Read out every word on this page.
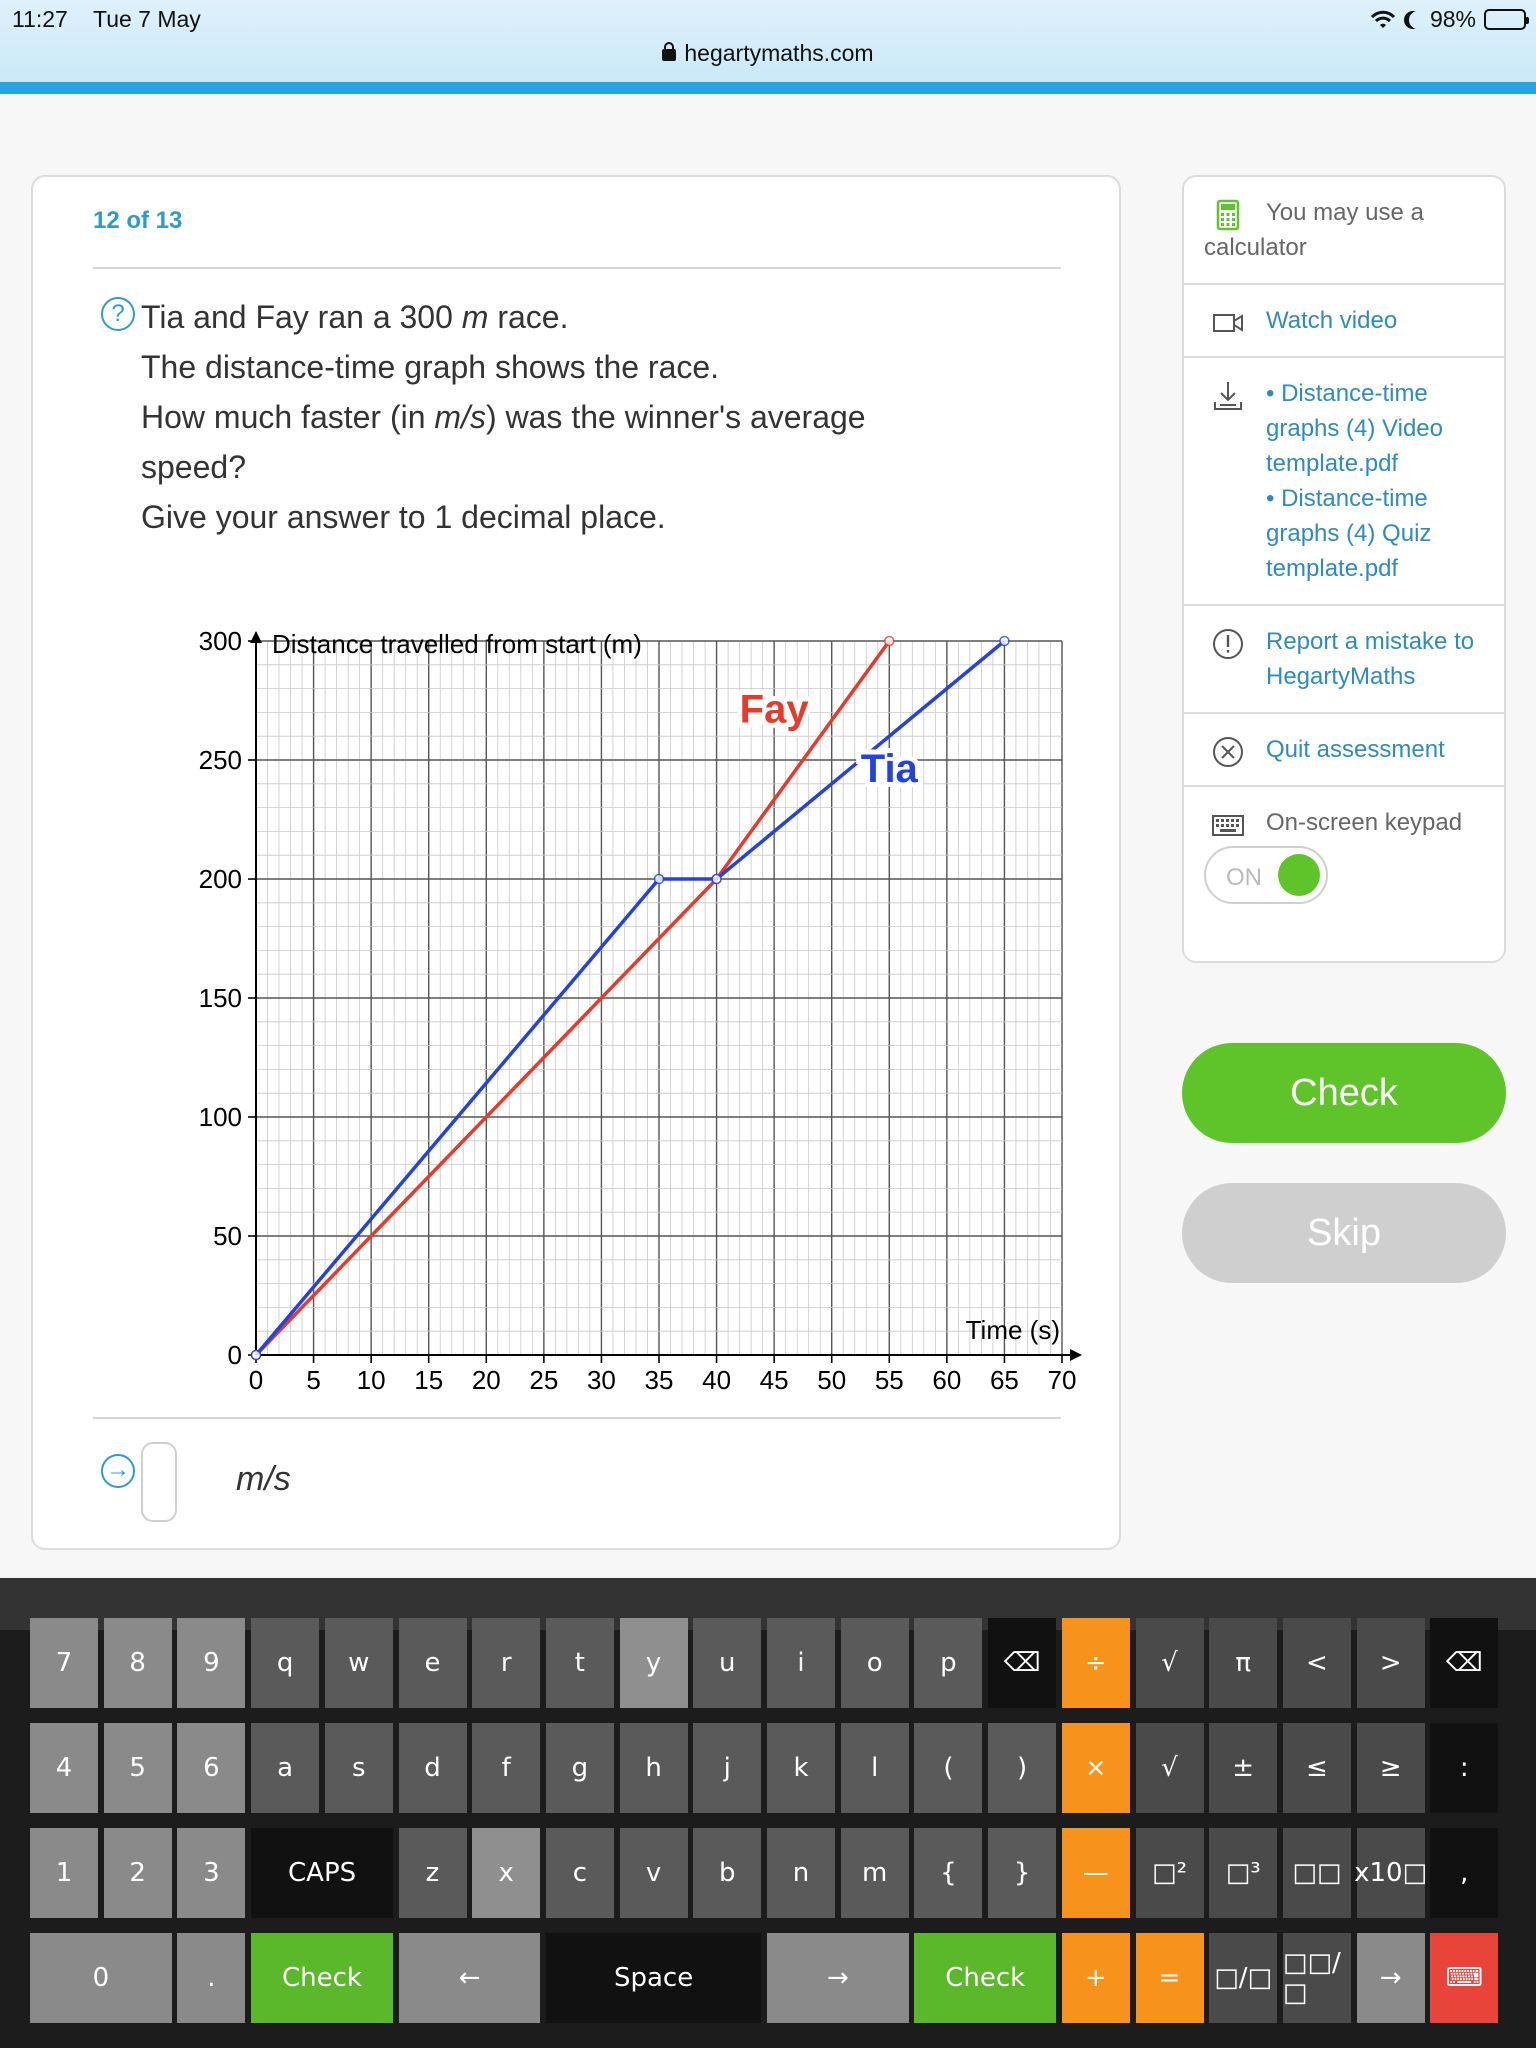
11:27 Tue 7 May
hegartymaths.com
98%
12 of 13
? Tia and Fay ran a 300 m race.

The distance-time graph shows the race.

How much faster (in m/s) was the winner's average

speed?

Give your answer to 1 decimal place.

0 5 10 15 20 25 30 35 40 45 50 55 60 65 70
0
50
100
150
200
250
300 Distance travelled from start (m)
Time (s)
Fay
Tia
→	m/s
You may use a calculator
Watch video
• Distance-time graphs (4) Video template.pdf
• Distance-time graphs (4) Quiz template.pdf
Report a mistake to HegartyMaths
Quit assessment
On-screen keypad
ON
Check
Skip
7	8	9	q	w	e	r	t	y	u	i	o	p	⌫	÷	√	π	<	>	⌫
4	5	6	a	s	d	f	g	h	j	k	l	(	)	×	√	±	≤	≥	:
1	2	3	CAPS	z	x	c	v	b	n	m	{	}	—	□²	□³	□□ x10□	,
0	.	Check	←	Space	→	Check	+	=	□/□ □□/□	→	⌨
